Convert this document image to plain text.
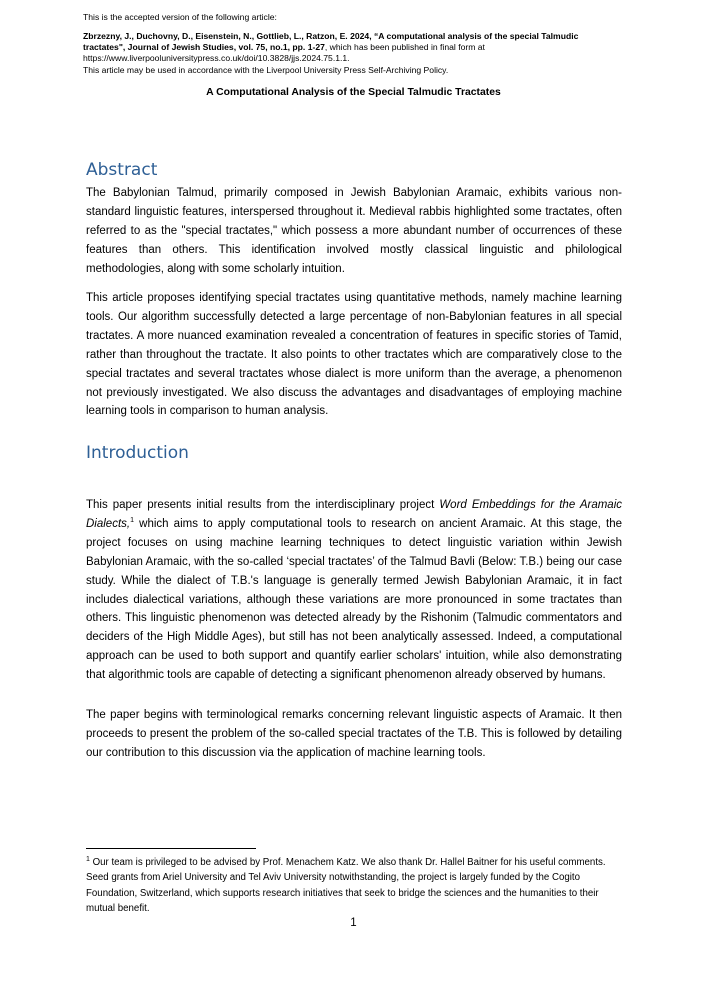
This is the accepted version of the following article:
Zbrzezny, J., Duchovny, D., Eisenstein, N., Gottlieb, L., Ratzon, E. 2024, “A computational analysis of the special Talmudic
tractates", Journal of Jewish Studies, vol. 75, no.1, pp. 1-27, which has been published in final form at
https://www.liverpooluniversitypress.co.uk/doi/10.3828/jjs.2024.75.1.1.
This article may be used in accordance with the Liverpool University Press Self-Archiving Policy.
A Computational Analysis of the Special Talmudic Tractates
Abstract
The Babylonian Talmud, primarily composed in Jewish Babylonian Aramaic, exhibits various non-standard linguistic features, interspersed throughout it. Medieval rabbis highlighted some tractates, often referred to as the "special tractates," which possess a more abundant number of occurrences of these features than others. This identification involved mostly classical linguistic and philological methodologies, along with some scholarly intuition.
This article proposes identifying special tractates using quantitative methods, namely machine learning tools. Our algorithm successfully detected a large percentage of non-Babylonian features in all special tractates. A more nuanced examination revealed a concentration of features in specific stories of Tamid, rather than throughout the tractate. It also points to other tractates which are comparatively close to the special tractates and several tractates whose dialect is more uniform than the average, a phenomenon not previously investigated. We also discuss the advantages and disadvantages of employing machine learning tools in comparison to human analysis.
Introduction
This paper presents initial results from the interdisciplinary project Word Embeddings for the Aramaic Dialects,$^1$ which aims to apply computational tools to research on ancient Aramaic. At this stage, the project focuses on using machine learning techniques to detect linguistic variation within Jewish Babylonian Aramaic, with the so-called ‘special tractates’ of the Talmud Bavli (Below: T.B.) being our case study. While the dialect of T.B.'s language is generally termed Jewish Babylonian Aramaic, it in fact includes dialectical variations, although these variations are more pronounced in some tractates than others. This linguistic phenomenon was detected already by the Rishonim (Talmudic commentators and deciders of the High Middle Ages), but still has not been analytically assessed. Indeed, a computational approach can be used to both support and quantify earlier scholars' intuition, while also demonstrating that algorithmic tools are capable of detecting a significant phenomenon already observed by humans.
The paper begins with terminological remarks concerning relevant linguistic aspects of Aramaic. It then proceeds to present the problem of the so-called special tractates of the T.B. This is followed by detailing our contribution to this discussion via the application of machine learning tools.
$^1$ Our team is privileged to be advised by Prof. Menachem Katz. We also thank Dr. Hallel Baitner for his useful comments. Seed grants from Ariel University and Tel Aviv University notwithstanding, the project is largely funded by the Cogito Foundation, Switzerland, which supports research initiatives that seek to bridge the sciences and the humanities to their mutual benefit.
1
